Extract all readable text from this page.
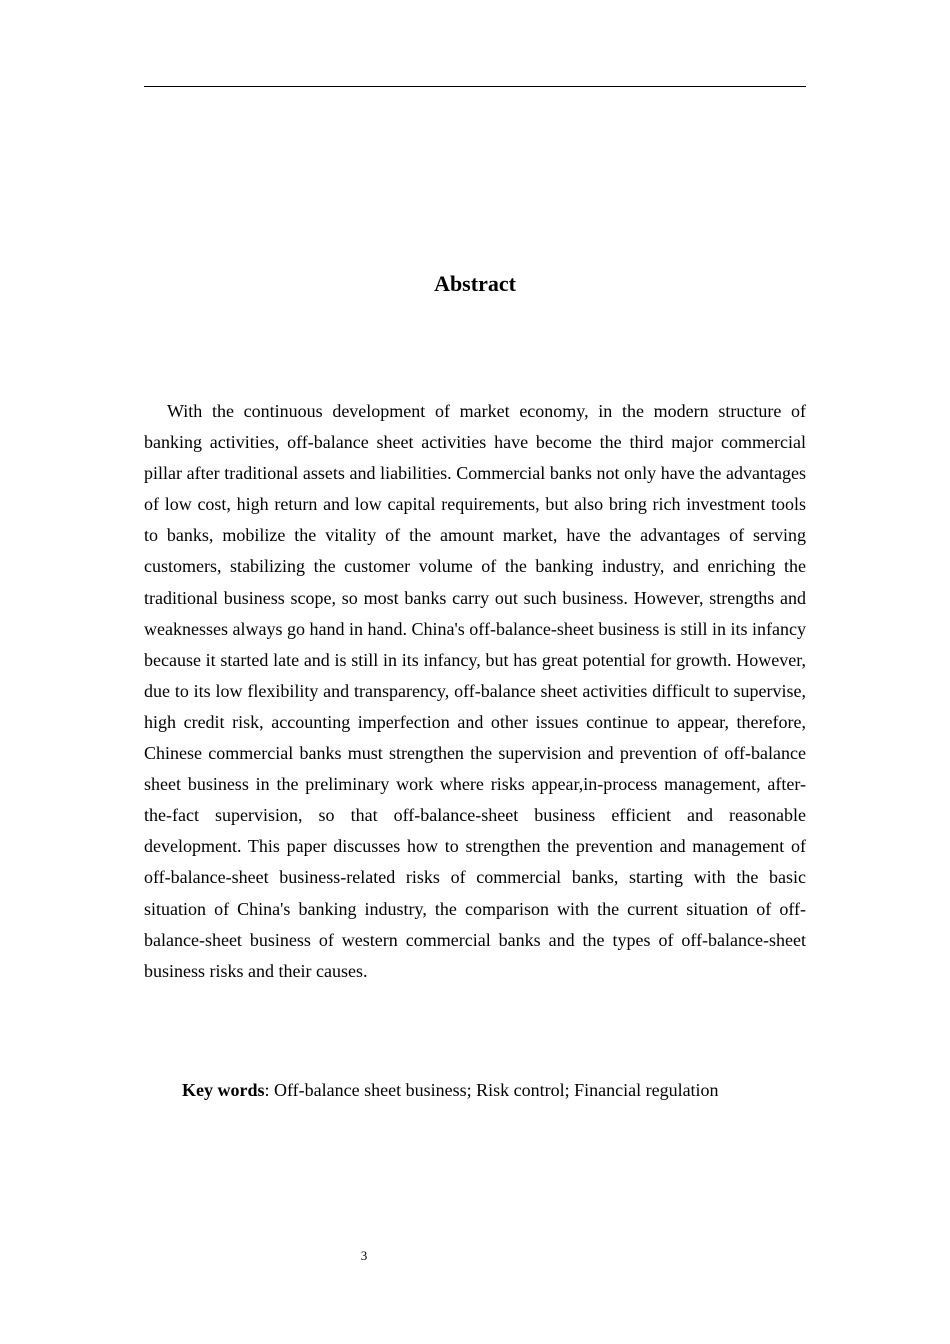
Abstract

With the continuous development of market economy, in the modern structure of banking activities, off-balance sheet activities have become the third major commercial pillar after traditional assets and liabilities. Commercial banks not only have the advantages of low cost, high return and low capital requirements, but also bring rich investment tools to banks, mobilize the vitality of the amount market, have the advantages of serving customers, stabilizing the customer volume of the banking industry, and enriching the traditional business scope, so most banks carry out such business. However, strengths and weaknesses always go hand in hand. China's off-balance-sheet business is still in its infancy because it started late and is still in its infancy, but has great potential for growth. However, due to its low flexibility and transparency, off-balance sheet activities difficult to supervise, high credit risk, accounting imperfection and other issues continue to appear, therefore, Chinese commercial banks must strengthen the supervision and prevention of off-balance sheet business in the preliminary work where risks appear,in-process management, after-the-fact supervision, so that off-balance-sheet business efficient and reasonable development. This paper discusses how to strengthen the prevention and management of off-balance-sheet business-related risks of commercial banks, starting with the basic situation of China's banking industry, the comparison with the current situation of off-balance-sheet business of western commercial banks and the types of off-balance-sheet business risks and their causes.

Key words: Off-balance sheet business; Risk control; Financial regulation

3
